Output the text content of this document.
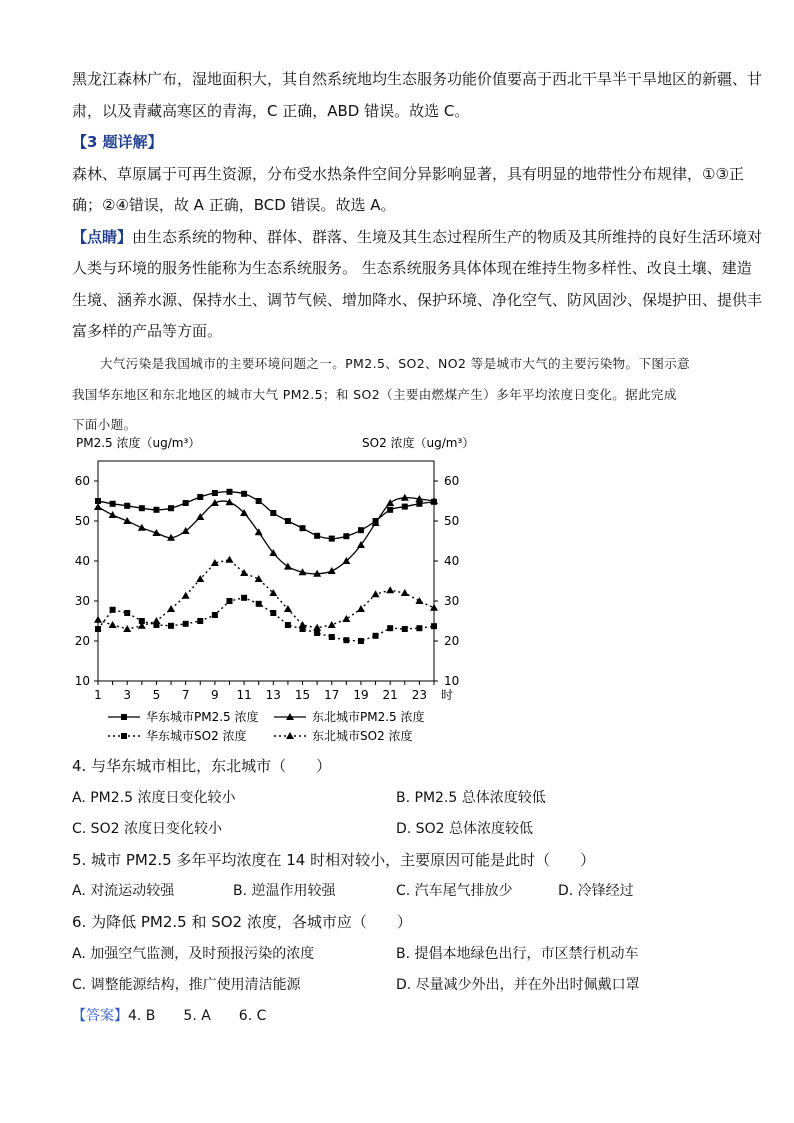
黑龙江森林广布，湿地面积大，其自然系统地均生态服务功能价值要高于西北干旱半干旱地区的新疆、甘
肃，以及青藏高寒区的青海，C 正确，ABD 错误。故选 C。
【3 题详解】
森林、草原属于可再生资源，分布受水热条件空间分异影响显著，具有明显的地带性分布规律，①③正
确；②④错误，故 A 正确，BCD 错误。故选 A。
【点睛】由生态系统的物种、群体、群落、生境及其生态过程所生产的物质及其所维持的良好生活环境对
人类与环境的服务性能称为生态系统服务。 生态系统服务具体体现在维持生物多样性、改良土壤、建造
生境、涵养水源、保持水土、调节气候、增加降水、保护环境、净化空气、防风固沙、保堤护田、提供丰
富多样的产品等方面。
大气污染是我国城市的主要环境问题之一。PM2.5、SO2、NO2 等是城市大气的主要污染物。下图示意
我国华东地区和东北地区的城市大气 PM2.5；和 SO2（主要由燃煤产生）多年平均浓度日变化。据此完成
下面小题。
PM2.5 浓度（ug/m³）	SO2 浓度（ug/m³）
10	10
20	20
30	30
40	40
50	50
60	60
1 3 5 7 9 11 13 15 17 19 21 23 时
华东城市PM2.5 浓度	东北城市PM2.5 浓度
华东城市SO2 浓度	东北城市SO2 浓度
4. 与华东城市相比，东北城市（　　）
A. PM2.5 浓度日变化较小	B. PM2.5 总体浓度较低
C. SO2 浓度日变化较小	D. SO2 总体浓度较低
5. 城市 PM2.5 多年平均浓度在 14 时相对较小，主要原因可能是此时（　　）
A. 对流运动较强	B. 逆温作用较强	C. 汽车尾气排放少	D. 冷锋经过
6. 为降低 PM2.5 和 SO2 浓度，各城市应（　　）
A. 加强空气监测，及时预报污染的浓度	B. 提倡本地绿色出行，市区禁行机动车
C. 调整能源结构，推广使用清洁能源	D. 尽量减少外出，并在外出时佩戴口罩
【答案】4. B　　5. A　　6. C
